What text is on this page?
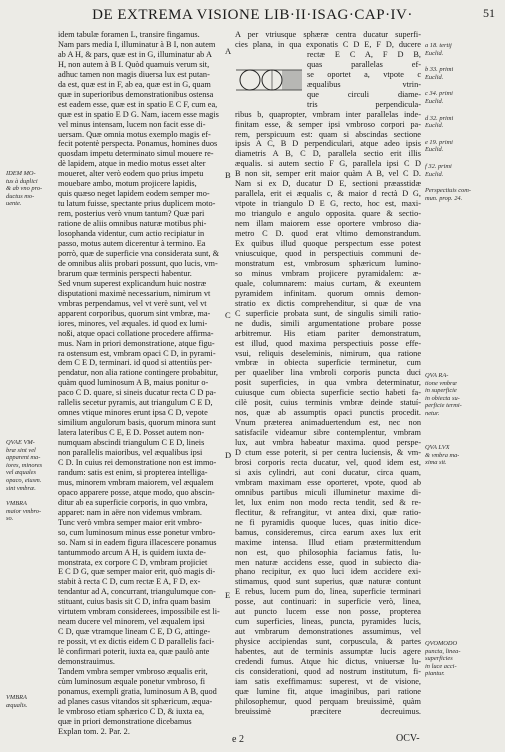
DE EXTREMA VISIONE LIB·II·ISAG·CAP·IV·	51
idem tabulæ foramen L, transire fingamus.
Nam pars media I, illuminatur à B I, non autem
ab A H, & pars, quæ est in G, illuminatur ab A
H, non autem à B I. Quòd quamuis verum sit,
adhuc tamen non magis diuersa lux est putan-
da est, quæ est in F, ab ea, quæ est in G, quam
quæ in superioribus demonstrationibus ostensa
est eadem esse, quæ est in spatio E C F, cum ea,
quæ est in spatio E D G. Nam, iacem esse magis
vel minus intensam, lucem non facit esse di-
uersam. Quæ omnia motus exemplo magis ef-
fecit potentè perspecta. Ponamus, homines duos
quosdam impetu determinato simul mouere re-
dè lapidem, atque in medio motus esset alter
moueret, alter verò eodem quo prius impetu
mouebare ambo, motum projicere lapidis,
quis quæso neget lapidem eodem semper mo-
tu latum fuisse, spectante prius duplicem moto-
rem, posterius verò vnum tantum? Quæ pari
ratione de aliis omnibus naturæ motibus phi-
losophanda videntur, cum actio recipiatur in
passo, motus autem dicerentur à termino. Ea
porrò, quæ de superficie vna considerata sunt, &
de omnibus aliis probari possunt, quo lucis, vm-
brarum quæ terminis perspecti habentur.
Sed vnum superest explicandum huic nostræ
disputationi maximè necessarium, nimirum vt
vmbras perpendamus, vel vt verè sunt, vel vt
apparent corporibus, quorum sint vmbræ, ma-
iores, minores, vel æquales. id quod ex lumi-
noßi, atque opaci collatione procedere affirma-
mus. Nam in priori demonstratione, atque figu-
ra ostensum est, vmbram opaci C D, in pyrami-
dem C E D, terminari. id quod si attentiùs per-
pendatur, non alia ratione contingere probabitur,
quàm quod luminosum A B, maius ponitur o-
paco C D. quare, si sineis ducatur recta C D pa-
rallelis secetur pyramis, aut triangulum C E D,
omnes vtique minores erunt ipsa C D, vepote
similium angulorum basis, quorum minora sunt
latera lateribus C E, E D. Posset autem non-
numquam abscindi triangulum C E D, lineis
non parallelis maioribus, vel æqualibus ipsi
C D. In cuius rei demonstratione non est immo-
randum: satis est enim, si propterea intelliga-
mus, minorem vmbram maiorem, vel æqualem
opaco apparere posse, atque modo, quo abscin-
ditur ab ea superficie corporis, in quo vmbra,
apparet: nam in aëre non videmus vmbram.
Tunc verò vmbra semper maior erit vmbro-
so, cum luminosum minus esse ponetur vmbro-
so. Nam si in eadem figura illacescere ponamus
tantummodo arcum A H, is quidem iuxta de-
monstrata, ex corpore C D, vmbram projiciet
E C D G, quæ semper maior erit, quò magis di-
stabit à recta C D, cum rectæ E A, F D, ex-
tendantur ad A, concurrant, triangulumque con-
stituant, cuius basis sit C D, infra quam basim
virtutem vmbram considerees, impossibile est li-
neam ducere vel minorem, vel æqualem ipsi
C D, quæ vtramque lineam C E, D G, attinge-
re possit, vt ex dictis eidem C D parallelis faci-
lè confirmari poterit, iuxta ea, quæ paulò ante
demonstrauimus.
Tandem vmbra semper vmbroso æqualis erit,
cùm luminosum æquale ponetur vmbroso, fi
ponamus, exempli gratia, luminosum A B, quod
ad planes casus vitandos sit sphæricum, æqua-
le vmbroso etiam sphærico C D, & iuxta ea,
quæ in priori demonstratione dicebamus
Explan tom. 2. Par. 2.
A per vtriusque sphæræ centra ducatur superfi-
cies plana, in qua exponatis C D E, F D, ducere
rectæ E C A, F D B,
quas parallelas ef-
se oportet a, vtpote c
æqualibus vtrin-
que circuli diame-
tris perpendicula-
ribus b, quapropter, vmbram inter parallelas inde-
finitam esse, & semper ipsi vmbroso corpori pa-
rem, perspicuum est: quam si abscindas sectione
ipsis A C, B D perpendiculari, atque adeo ipsis
diametris A B, C D, parallela sectio erit illis
æqualis. si autem sectio F G, parallela ipsi C D
B non sit, semper erit maior quàm A B, vel C D.
Nam si ex D, ducatur D E, sectioni præasstidæ
parallela, erit ei æqualis c, & maior d rectà D G,
vtpote in triangulo D E G, recto, hoc est, maxi-
mo triangulo e angulo opposita. quare & sectio-
nem illam maiorem esse oportere vmbroso dia-
metro C D. quod erat vltimo demonstrandum.
Ex quibus illud quoque perspectum esse potest
vniuscuique, quod in perspectiuis communi de-
monstratum est, vmbrosum sphæricum lumino-
so minus vmbram projicere pyramidalem: æ-
quale, columnarem: maius curtam, & exeuntem
pyramidem infinitam. quorum omnis demon-
stratio ex dictis comprehenditur, si quæ de vna
C superficie probata sunt, de singulis simili ratio-
ne dudis, simili argumentatione probare posse
arbitremur. His etiam pariter demonstratum,
est illud, quod maxima perspectiuis posse effe-
vsui, reliquis deseleminis, nimirum, qua ratione
vmbræ in obiecta superficie terminetur, cum
per quaeliber lina vmbroli corporis puncta duci
posit superficies, in qua vmbra determinatur,
cuiusque cum obiecta superficie sectio habeti fa-
cilè posit, cuius terminis vmbræ deinde statuí-
nos, quæ ab assumptis opaci punctis procedit.
Vnum præterea animaduertendum est, nec non
satisfacile videamur sibre contemplentur, vmbram
lux, aut vmbra habeatur maxima. quod perspe-
D ctum esse poterit, si per centra luciensis, & vm-
brosi corporis recta ducatur, vel, quod idem est,
si axis cylindri, aut coni ducatur, circa quam,
vmbram maximam esse oporteret, vpote, quod ab
omnibus partibus miculi illuminetur maxime di-
let, lux enim non modo recta tendit, sed & re-
flectitur, & refrangitur, vt antea dixi, quæ ratio-
ne fi pyramidis quoque luces, quas initio dice-
bamus, consideremus, circa earum axes lux erit
maxime intensa. Illud etiam prætermittendum
non est, quo philosophia faciamus fatis, lu-
men naturæ accidens esse, quod in subiecto dia-
phano recipitur, ex quo luci idem accidere exi-
stimamus, quod sunt superius, quæ naturæ contunt
E rebus, lucem pum do, linea, superficie terminari
posse, aut continuari: in superficie verò, linea,
aut puncto lucem esse non posse, propterea
cum superficies, lineas, puncta, pyramides lucis,
aut vmbrarum demonstrationes assumimus, vel
physice accipiendas sunt, corpuscula, & partes
habentes, aut de terminis assumptæ lucis agere
credendi fumus. Atque hic dictus, vniuersæ lu-
cis considerationi, quod ad nostrum institutum, fi-
iam satis exeffimamus: superest, vt de visione,
quæ lumine fit, atque imaginibus, pari ratione
philosophemur, quod perquam breuissimè, quàm
breuissimè præcitere decreuimus.
IDEM MO-
tus à duplici
& ab vno pro-
ductus mo-
uente.
QVAE VM-
bræ sint vel
apparent ma-
iores, minores
vel æquales
opaco, eiusm.
sint vmbræ.
VMBRA
maior vmbro-
so.
VMBRA
æqualis.
QVA RA-
tione vmbræ
in superficie
in obiecta su-
perficie termi-
netur.
QVA LVX
& vmbra ma-
xima sit.
QVOMODO
puncta, linea-
superficies
in luce acci-
piantur.
a 18. tertij
Euclid.
b 33. primi
Euclid.
c 34. primi
Euclid.
d 32. primi
Euclid.
e 19. primi
Euclid.
f 32. primi
Euclid.
Perspectiuis com-
mun. prop. 24.
A
B
C
D
E
e 2	OCV-
